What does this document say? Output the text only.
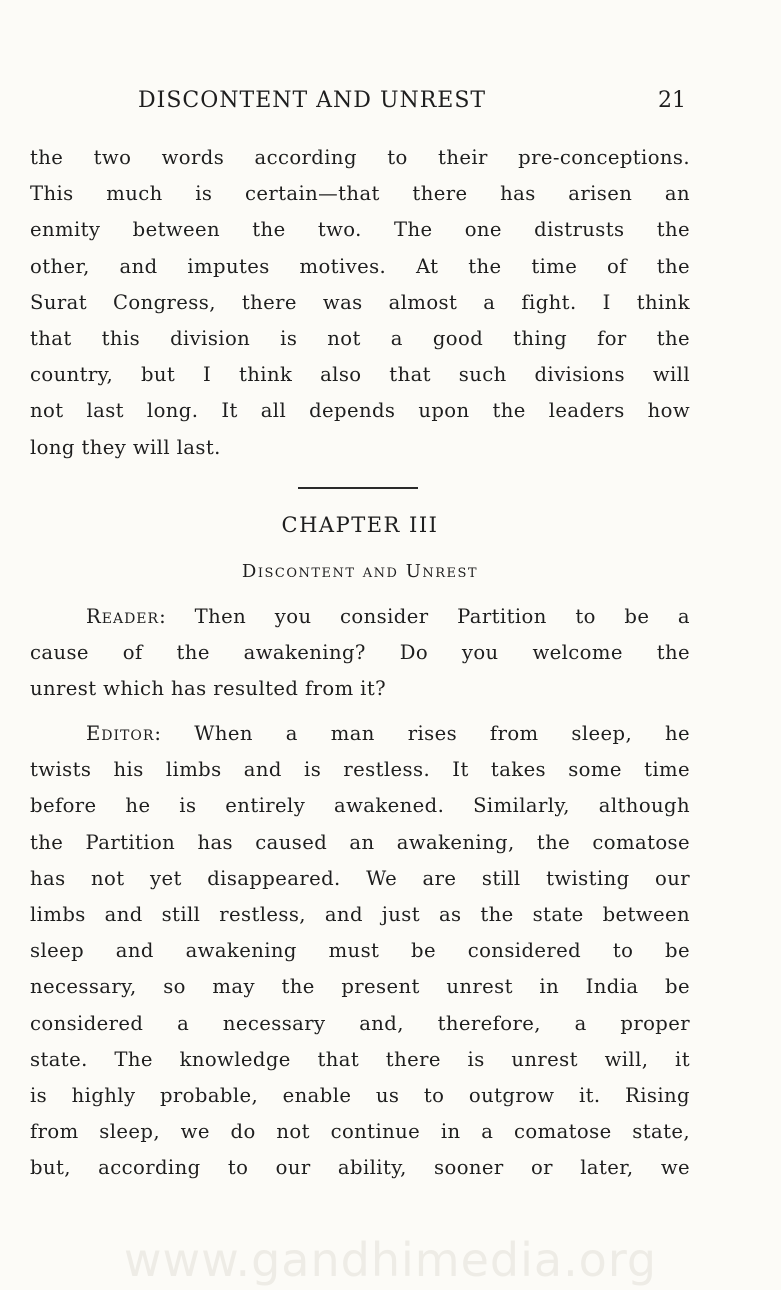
DISCONTENT AND UNREST	21
the two words according to their pre-conceptions.
This much is certain—that there has arisen an
enmity between the two. The one distrusts the
other, and imputes motives. At the time of the
Surat Congress, there was almost a fight. I think
that this division is not a good thing for the
country, but I think also that such divisions will
not last long. It all depends upon the leaders how
long they will last.
CHAPTER III
Discontent and Unrest
Reader: Then you consider Partition to be a
cause of the awakening? Do you welcome the
unrest which has resulted from it?
Editor: When a man rises from sleep, he
twists his limbs and is restless. It takes some time
before he is entirely awakened. Similarly, although
the Partition has caused an awakening, the comatose
has not yet disappeared. We are still twisting our
limbs and still restless, and just as the state between
sleep and awakening must be considered to be
necessary, so may the present unrest in India be
considered a necessary and, therefore, a proper
state. The knowledge that there is unrest will, it
is highly probable, enable us to outgrow it. Rising
from sleep, we do not continue in a comatose state,
but, according to our ability, sooner or later, we
www.gandhimedia.org
